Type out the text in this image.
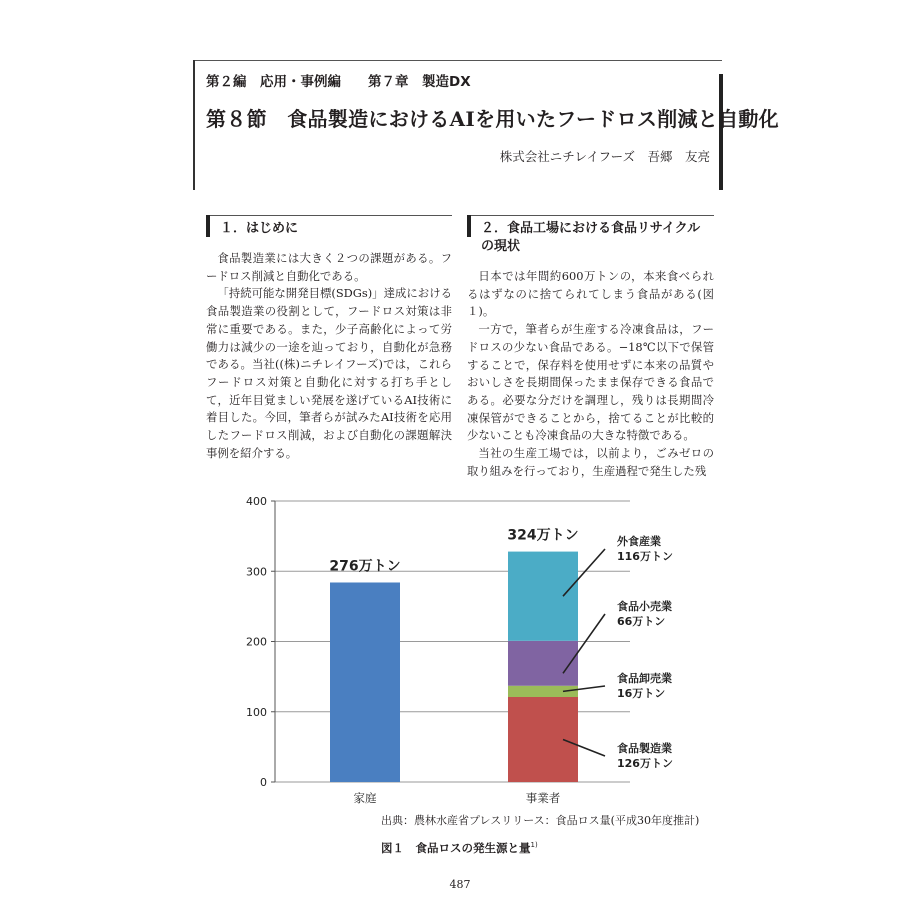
第２編　応用・事例編　　第７章　製造DX
第８節　食品製造におけるAIを用いたフードロス削減と自動化
株式会社ニチレイフーズ　吾郷　友亮
１．はじめに

食品製造業には大きく２つの課題がある。フードロス削減と自動化である。

「持続可能な開発目標(SDGs)」達成における食品製造業の役割として，フードロス対策は非常に重要である。また，少子高齢化によって労働力は減少の一途を辿っており，自動化が急務である。当社((株)ニチレイフーズ)では，これらフードロス対策と自動化に対する打ち手として，近年目覚ましい発展を遂げているAI技術に着目した。今回，筆者らが試みたAI技術を応用したフードロス削減，および自動化の課題解決事例を紹介する。

２．食品工場における食品リサイクル
の現状

日本では年間約600万トンの，本来食べられるはずなのに捨てられてしまう食品がある(図１)。

一方で，筆者らが生産する冷凍食品は，フードロスの少ない食品である。−18℃以下で保管することで，保存料を使用せずに本来の品質やおいしさを長期間保ったまま保存できる食品である。必要な分だけを調理し，残りは長期間冷凍保管ができることから，捨てることが比較的少ないことも冷凍食品の大きな特徴である。

当社の生産工場では，以前より，ごみゼロの取り組みを行っており，生産過程で発生した残

0
100
200
300
400
家庭	事業者
276万トン
324万トン	外食産業
116万トン
食品小売業
66万トン
食品卸売業
16万トン
食品製造業
126万トン
出典：農林水産省プレスリリース：食品ロス量(平成30年度推計)
図１　食品ロスの発生源と量$^{1)}$
487
